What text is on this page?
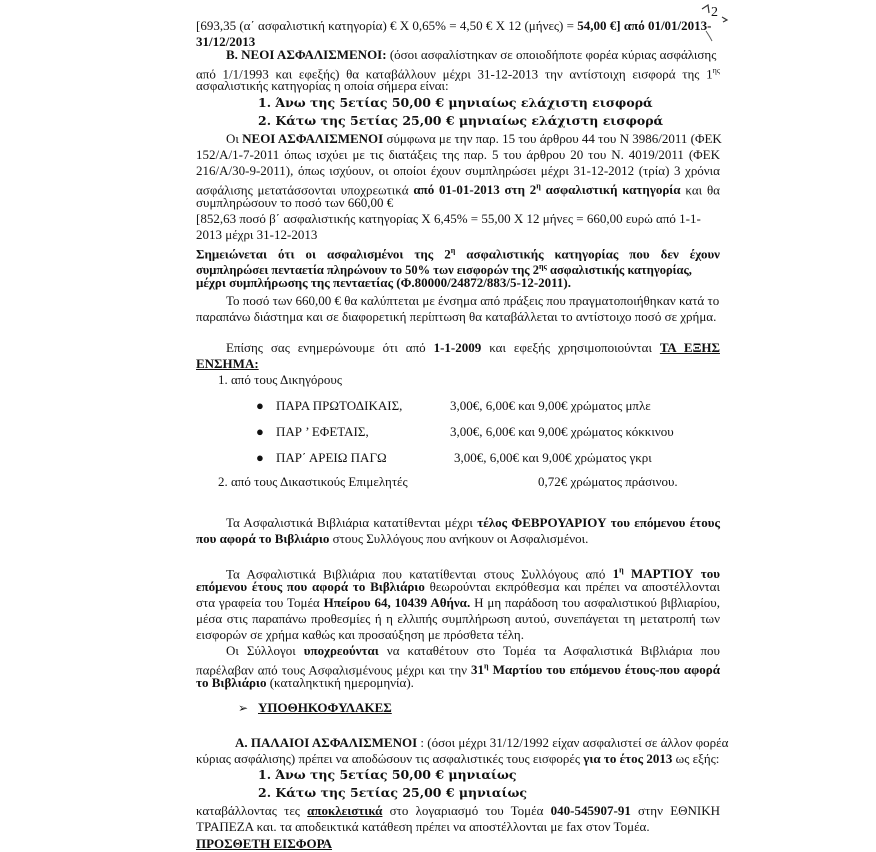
2
[693,35 (α΄ ασφαλιστική κατηγορία) € Χ 0,65% = 4,50 € Χ 12 (μήνες) = 54,00 €] από 01/01/2013-
31/12/2013
Β. ΝΕΟΙ ΑΣΦΑΛΙΣΜΕΝΟΙ: (όσοι ασφαλίστηκαν σε οποιοδήποτε φορέα κύριας ασφάλισης
από 1/1/1993 και εφεξής) θα καταβάλλουν μέχρι 31-12-2013 την αντίστοιχη εισφορά της $1^{\eta\varsigma}$
ασφαλιστικής κατηγορίας η οποία σήμερα είναι:
1. Άνω της 5ετίας 50,00 € μηνιαίως ελάχιστη εισφορά
2. Κάτω της 5ετίας 25,00 € μηνιαίως ελάχιστη εισφορά
Οι ΝΕΟΙ ΑΣΦΑΛΙΣΜΕΝΟΙ σύμφωνα με την παρ. 15 του άρθρου 44 του Ν 3986/2011 (ΦΕΚ
152/Α/1-7-2011 όπως ισχύει με τις διατάξεις της παρ. 5 του άρθρου 20 του Ν. 4019/2011 (ΦΕΚ
216/Α/30-9-2011), όπως ισχύουν, οι οποίοι έχουν συμπληρώσει μέχρι 31-12-2012 (τρία) 3 χρόνια
ασφάλισης μετατάσσονται υποχρεωτικά από 01-01-2013 στη $2^\eta$ ασφαλιστική κατηγορία και θα
συμπληρώσουν το ποσό των 660,00 €
[852,63 ποσό β΄ ασφαλιστικής κατηγορίας Χ 6,45% = 55,00 Χ 12 μήνες = 660,00 ευρώ από 1-1-
2013 μέχρι 31-12-2013
Σημειώνεται ότι οι ασφαλισμένοι της $2^\eta$ ασφαλιστικής κατηγορίας που δεν έχουν
συμπληρώσει πενταετία πληρώνουν το 50% των εισφορών της $2^{\eta\varsigma}$ ασφαλιστικής κατηγορίας,
μέχρι συμπλήρωσης της πενταετίας (Φ.80000/24872/883/5-12-2011).
Το ποσό των 660,00 € θα καλύπτεται με ένσημα από πράξεις που πραγματοποιήθηκαν κατά το
παραπάνω διάστημα και σε διαφορετική περίπτωση θα καταβάλλεται το αντίστοιχο ποσό σε χρήμα.
Επίσης σας ενημερώνουμε ότι από 1-1-2009 και εφεξής χρησιμοποιούνται ΤΑ ΕΞΗΣ
ΕΝΣΗΜΑ:
1. από τους Δικηγόρους
● ΠΑΡΑ ΠΡΩΤΟΔΙΚΑΙΣ,	3,00€, 6,00€ και 9,00€ χρώματος μπλε
● ΠΑΡ ’ ΕΦΕΤΑΙΣ,	3,00€, 6,00€ και 9,00€ χρώματος κόκκινου
● ΠΑΡ΄ ΑΡΕΙΩ ΠΑΓΩ	3,00€, 6,00€ και 9,00€ χρώματος γκρι
2. από τους Δικαστικούς Επιμελητές	0,72€ χρώματος πράσινου.
Τα Ασφαλιστικά Βιβλιάρια κατατίθενται μέχρι τέλος ΦΕΒΡΟΥΑΡΙΟΥ του επόμενου έτους
που αφορά το Βιβλιάριο στους Συλλόγους που ανήκουν οι Ασφαλισμένοι.
Τα Ασφαλιστικά Βιβλιάρια που κατατίθενται στους Συλλόγους από $1^\eta$ ΜΑΡΤΙΟΥ του
επόμενου έτους που αφορά το Βιβλιάριο θεωρούνται εκπρόθεσμα και πρέπει να αποστέλλονται
στα γραφεία του Τομέα Ηπείρου 64, 10439 Αθήνα. Η μη παράδοση του ασφαλιστικού βιβλιαρίου,
μέσα στις παραπάνω προθεσμίες ή η ελλιπής συμπλήρωση αυτού, συνεπάγεται τη μετατροπή των
εισφορών σε χρήμα καθώς και προσαύξηση με πρόσθετα τέλη.
Οι Σύλλογοι υποχρεούνται να καταθέτουν στο Τομέα τα Ασφαλιστικά Βιβλιάρια που
παρέλαβαν από τους Ασφαλισμένους μέχρι και την $31^\eta$ Μαρτίου του επόμενου έτους-που αφορά
το Βιβλιάριο (καταληκτική ημερομηνία).
➢ ΥΠΟΘΗΚΟΦΥΛΑΚΕΣ
Α. ΠΑΛΑΙΟΙ ΑΣΦΑΛΙΣΜΕΝΟΙ : (όσοι μέχρι 31/12/1992 είχαν ασφαλιστεί σε άλλον φορέα
κύριας ασφάλισης) πρέπει να αποδώσουν τις ασφαλιστικές τους εισφορές για το έτος 2013 ως εξής:
1. Άνω της 5ετίας 50,00 € μηνιαίως
2. Κάτω της 5ετίας 25,00 € μηνιαίως
καταβάλλοντας τες αποκλειστικά στο λογαριασμό του Τομέα 040-545907-91 στην ΕΘΝΙΚΗ
ΤΡΑΠΕΖΑ και. τα αποδεικτικά κατάθεση πρέπει να αποστέλλονται με fax στον Τομέα.
ΠΡΟΣΘΕΤΗ ΕΙΣΦΟΡΑ
